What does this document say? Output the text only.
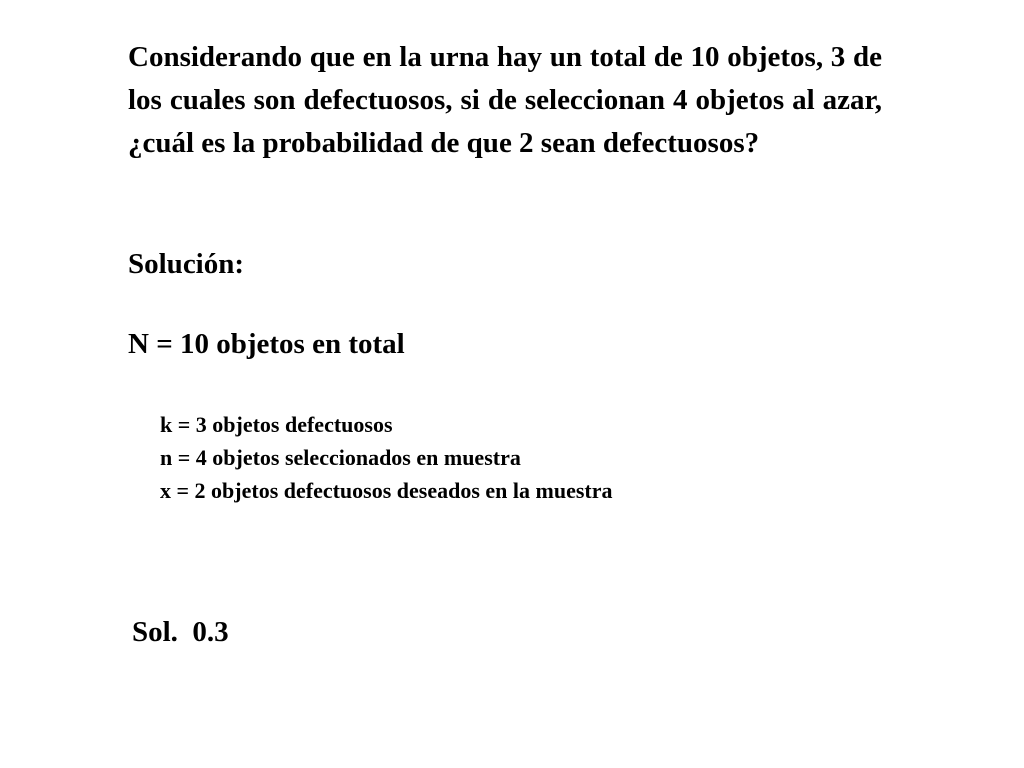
Considerando que en la urna hay un total de 10 objetos, 3 de los cuales son defectuosos, si de seleccionan 4 objetos al azar, ¿cuál es la probabilidad de que 2 sean defectuosos?

Solución:

N = 10 objetos en total

k = 3 objetos defectuosos
n = 4 objetos seleccionados en muestra
x = 2 objetos defectuosos deseados en la muestra

Sol.  0.3
